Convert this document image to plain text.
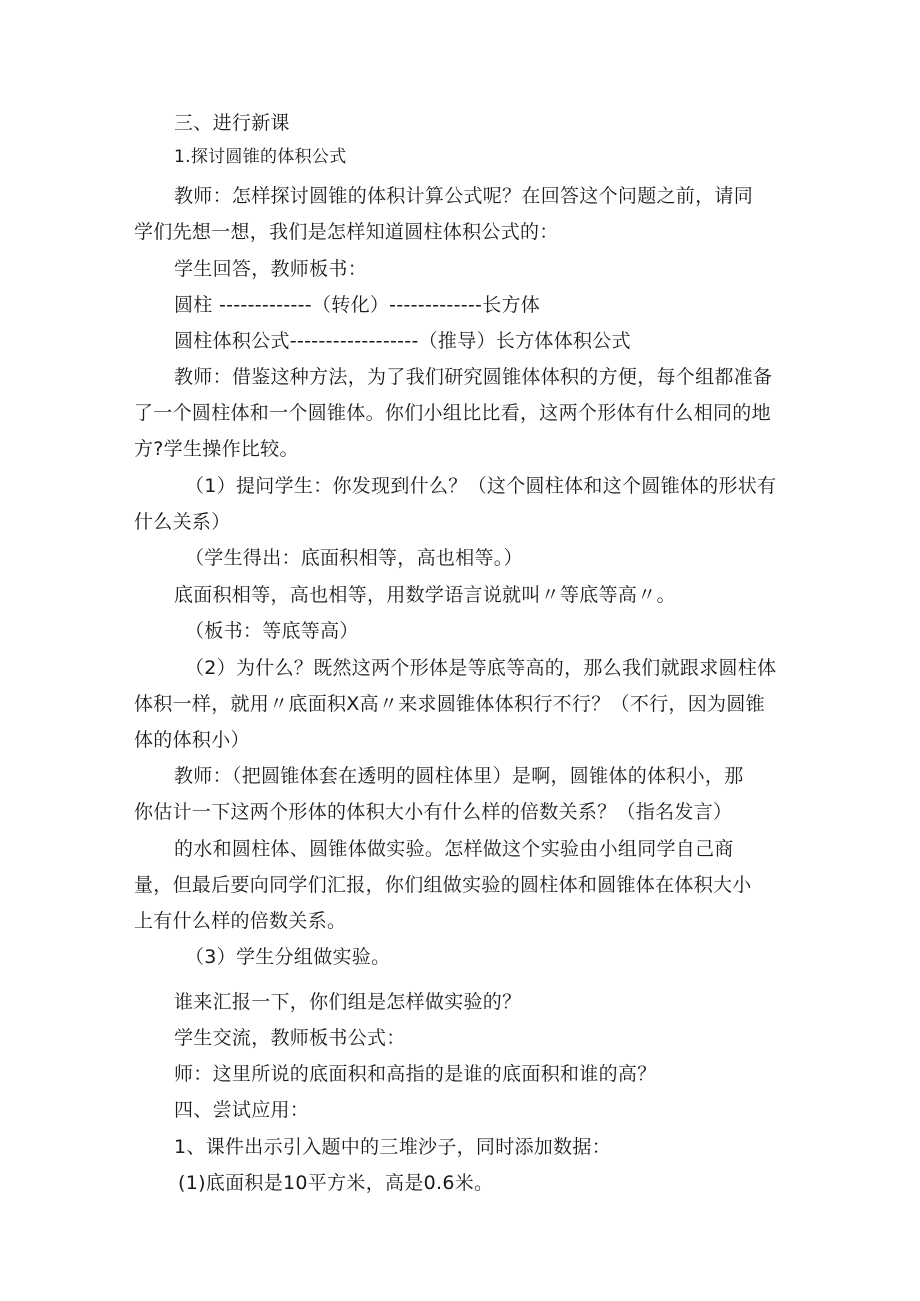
三、进行新课
1.探讨圆锥的体积公式
教师：怎样探讨圆锥的体积计算公式呢？在回答这个问题之前，请同
学们先想一想，我们是怎样知道圆柱体积公式的：
学生回答，教师板书：
圆柱 -------------（转化）-------------长方体
圆柱体积公式------------------（推导）长方体体积公式
教师：借鉴这种方法，为了我们研究圆锥体体积的方便，每个组都准备
了一个圆柱体和一个圆锥体。你们小组比比看，这两个形体有什么相同的地
方?学生操作比较。
（1）提问学生：你发现到什么？（这个圆柱体和这个圆锥体的形状有
什么关系）
（学生得出：底面积相等，高也相等。）
底面积相等，高也相等，用数学语言说就叫〃等底等高〃。
（板书：等底等高）
（2）为什么？既然这两个形体是等底等高的，那么我们就跟求圆柱体
体积一样，就用〃底面积X高〃来求圆锥体体积行不行？（不行，因为圆锥
体的体积小）
教师：（把圆锥体套在透明的圆柱体里）是啊，圆锥体的体积小，那
你估计一下这两个形体的体积大小有什么样的倍数关系？（指名发言）
的水和圆柱体、圆锥体做实验。怎样做这个实验由小组同学自己商
量，但最后要向同学们汇报，你们组做实验的圆柱体和圆锥体在体积大小
上有什么样的倍数关系。
（3）学生分组做实验。
谁来汇报一下，你们组是怎样做实验的？
学生交流，教师板书公式：
师：这里所说的底面积和高指的是谁的底面积和谁的高？
四、尝试应用：
1、课件出示引入题中的三堆沙子，同时添加数据：
(1)底面积是10平方米，高是0.6米。
